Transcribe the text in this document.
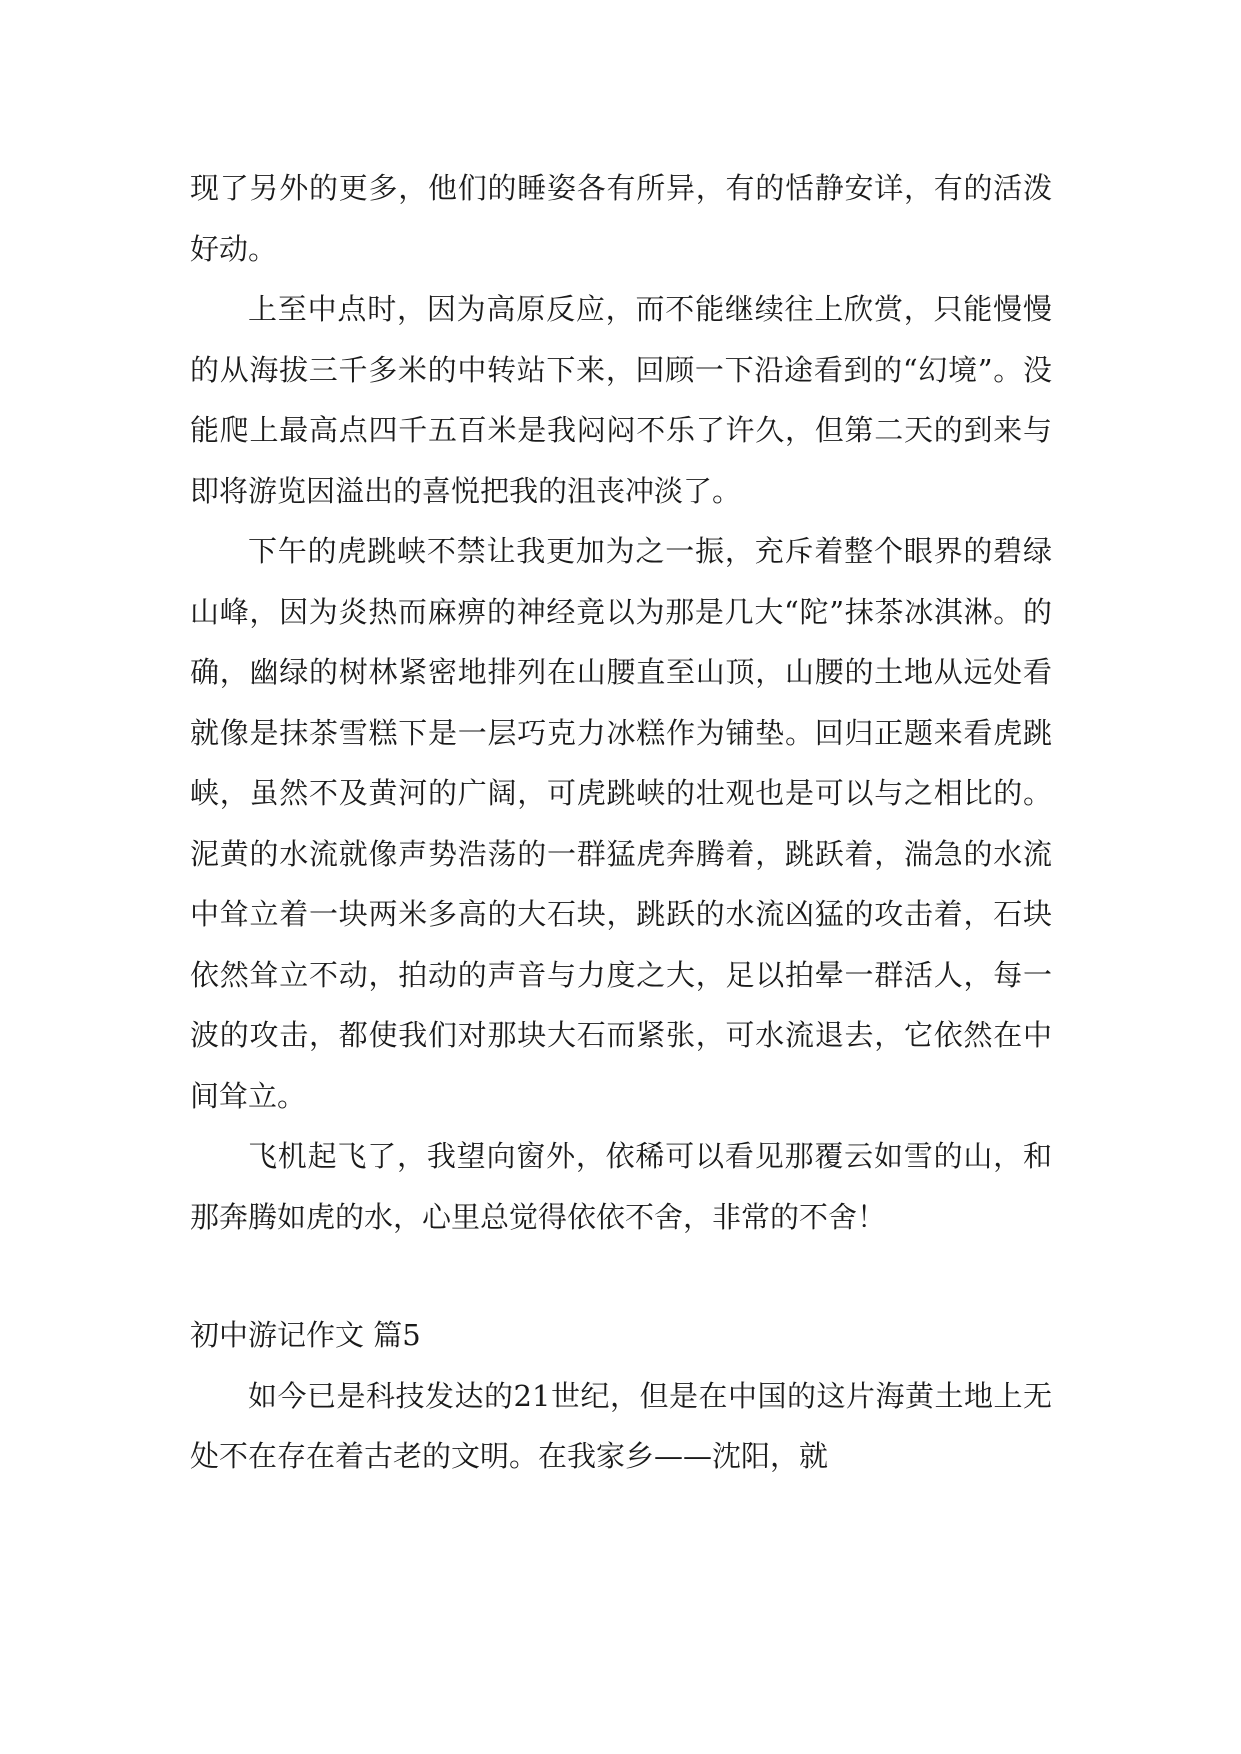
现了另外的更多，他们的睡姿各有所异，有的恬静安详，有的活泼好动。

上至中点时，因为高原反应，而不能继续往上欣赏，只能慢慢的从海拔三千多米的中转站下来，回顾一下沿途看到的“幻境”。没能爬上最高点四千五百米是我闷闷不乐了许久，但第二天的到来与即将游览因溢出的喜悦把我的沮丧冲淡了。

下午的虎跳峡不禁让我更加为之一振，充斥着整个眼界的碧绿山峰，因为炎热而麻痹的神经竟以为那是几大“陀”抹茶冰淇淋。的确，幽绿的树林紧密地排列在山腰直至山顶，山腰的土地从远处看就像是抹茶雪糕下是一层巧克力冰糕作为铺垫。回归正题来看虎跳峡，虽然不及黄河的广阔，可虎跳峡的壮观也是可以与之相比的。泥黄的水流就像声势浩荡的一群猛虎奔腾着，跳跃着，湍急的水流中耸立着一块两米多高的大石块，跳跃的水流凶猛的攻击着，石块依然耸立不动，拍动的声音与力度之大，足以拍晕一群活人，每一波的攻击，都使我们对那块大石而紧张，可水流退去，它依然在中间耸立。

飞机起飞了，我望向窗外，依稀可以看见那覆云如雪的山，和那奔腾如虎的水，心里总觉得依依不舍，非常的不舍！

初中游记作文 篇5

如今已是科技发达的21世纪，但是在中国的这片海黄土地上无处不在存在着古老的文明。在我家乡——沈阳，就
